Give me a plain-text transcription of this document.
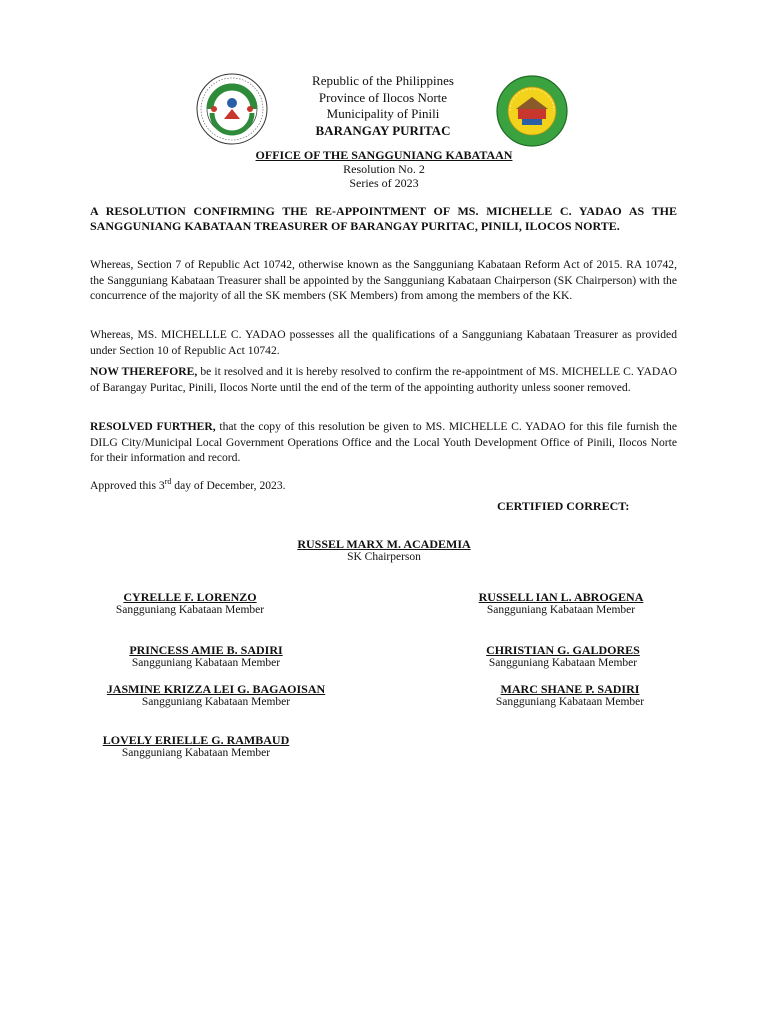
Republic of the Philippines
Province of Ilocos Norte
Municipality of Pinili
BARANGAY PURITAC
OFFICE OF THE SANGGUNIANG KABATAAN
Resolution No. 2
Series of 2023
A RESOLUTION CONFIRMING THE RE-APPOINTMENT OF MS. MICHELLE C. YADAO AS THE SANGGUNIANG KABATAAN TREASURER OF BARANGAY PURITAC, PINILI, ILOCOS NORTE.
Whereas, Section 7 of Republic Act 10742, otherwise known as the Sangguniang Kabataan Reform Act of 2015. RA 10742, the Sangguniang Kabataan Treasurer shall be appointed by the Sangguniang Kabataan Chairperson (SK Chairperson) with the concurrence of the majority of all the SK members (SK Members) from among the members of the KK.
Whereas, MS. MICHELLLE C. YADAO possesses all the qualifications of a Sangguniang Kabataan Treasurer as provided under Section 10 of Republic Act 10742.
NOW THEREFORE, be it resolved and it is hereby resolved to confirm the re-appointment of MS. MICHELLE C. YADAO of Barangay Puritac, Pinili, Ilocos Norte until the end of the term of the appointing authority unless sooner removed.
RESOLVED FURTHER, that the copy of this resolution be given to MS. MICHELLE C. YADAO for this file furnish the DILG City/Municipal Local Government Operations Office and the Local Youth Development Office of Pinili, Ilocos Norte for their information and record.
Approved this 3rd day of December, 2023.
CERTIFIED CORRECT:
RUSSEL MARX M. ACADEMIA
SK Chairperson
CYRELLE F. LORENZO
Sangguniang Kabataan Member
RUSSELL IAN L. ABROGENA
Sangguniang Kabataan Member
PRINCESS AMIE B. SADIRI
Sangguniang Kabataan Member
CHRISTIAN G. GALDORES
Sangguniang Kabataan Member
JASMINE KRIZZA LEI G. BAGAOISAN
Sangguniang Kabataan Member
MARC SHANE P. SADIRI
Sangguniang Kabataan Member
LOVELY ERIELLE G. RAMBAUD
Sangguniang Kabataan Member
